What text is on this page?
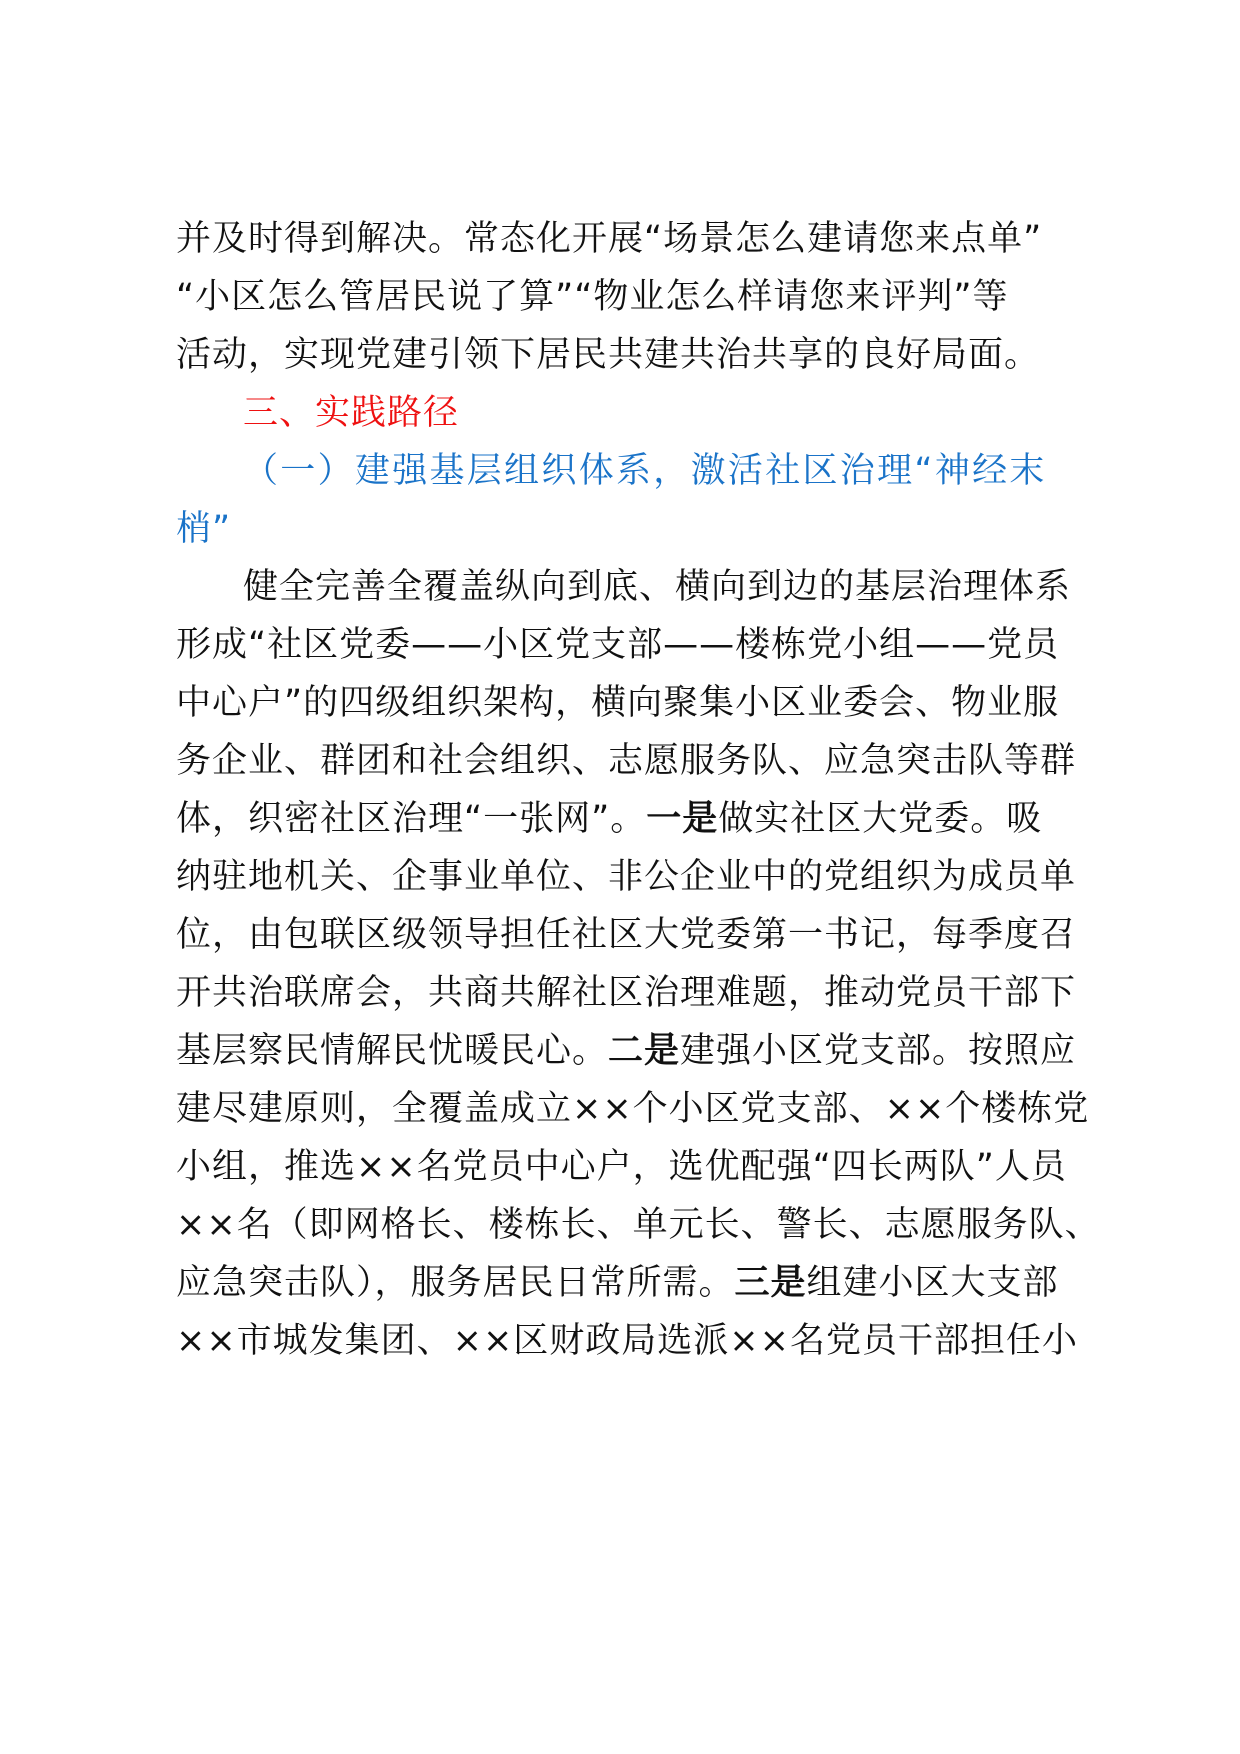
并及时得到解决。常态化开展“场景怎么建请您来点单”
“小区怎么管居民说了算”“物业怎么样请您来评判”等
活动，实现党建引领下居民共建共治共享的良好局面。
三、实践路径
（一）建强基层组织体系，激活社区治理“神经末
梢”
健全完善全覆盖纵向到底、横向到边的基层治理体系
形成“社区党委——小区党支部——楼栋党小组——党员
中心户”的四级组织架构，横向聚集小区业委会、物业服
务企业、群团和社会组织、志愿服务队、应急突击队等群
体，织密社区治理“一张网”。一是做实社区大党委。吸
纳驻地机关、企事业单位、非公企业中的党组织为成员单
位，由包联区级领导担任社区大党委第一书记，每季度召
开共治联席会，共商共解社区治理难题，推动党员干部下
基层察民情解民忧暖民心。二是建强小区党支部。按照应
建尽建原则，全覆盖成立××个小区党支部、××个楼栋党
小组，推选××名党员中心户，选优配强“四长两队”人员
××名（即网格长、楼栋长、单元长、警长、志愿服务队、
应急突击队），服务居民日常所需。三是组建小区大支部
××市城发集团、××区财政局选派××名党员干部担任小
